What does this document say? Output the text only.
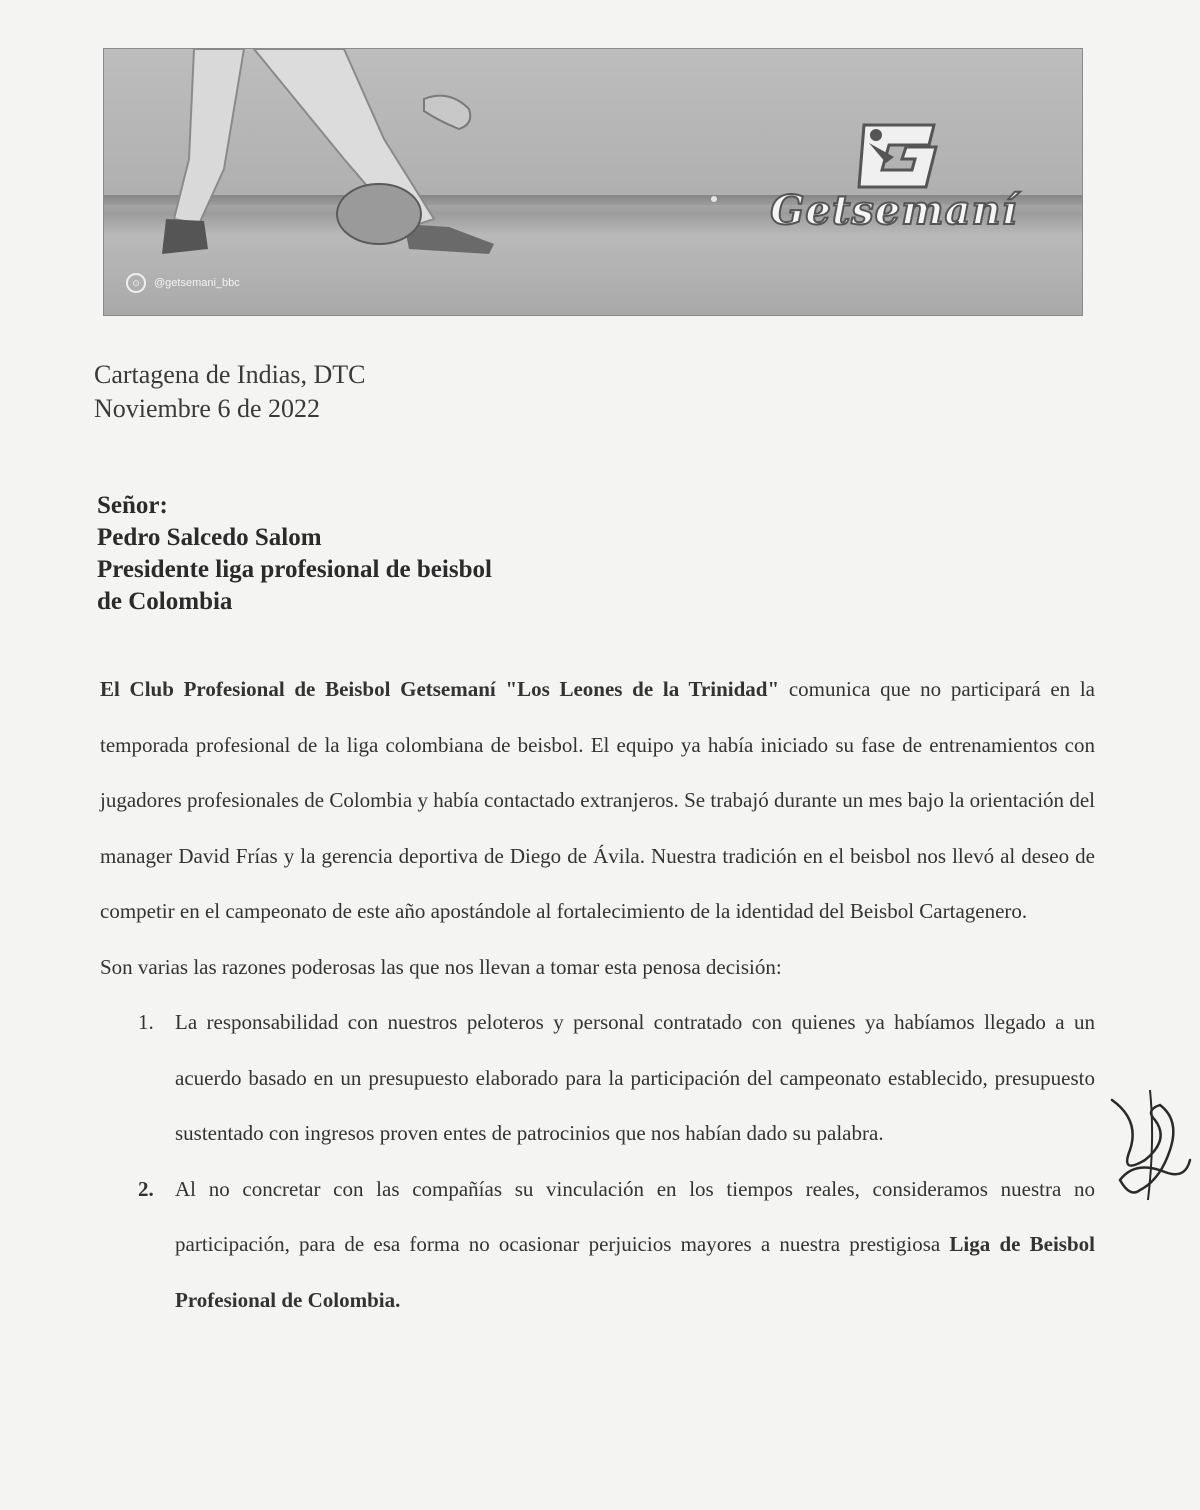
⊙	@getsemani_bbc
Getsemaní
Cartagena de Indias, DTC
Noviembre 6 de 2022
Señor:
Pedro Salcedo Salom
Presidente liga profesional de beisbol
de Colombia

El Club Profesional de Beisbol Getsemaní "Los Leones de la Trinidad" comunica que no participará en la temporada profesional de la liga colombiana de beisbol. El equipo ya había iniciado su fase de entrenamientos con jugadores profesionales de Colombia y había contactado extranjeros. Se trabajó durante un mes bajo la orientación del manager David Frías y la gerencia deportiva de Diego de Ávila. Nuestra tradición en el beisbol nos llevó al deseo de competir en el campeonato de este año apostándole al fortalecimiento de la identidad del Beisbol Cartagenero.

Son varias las razones poderosas las que nos llevan a tomar esta penosa decisión:

1. La responsabilidad con nuestros peloteros y personal contratado con quienes ya habíamos llegado a un acuerdo basado en un presupuesto elaborado para la participación del campeonato establecido, presupuesto sustentado con ingresos proven entes de patrocinios que nos habían dado su palabra.
2. Al no concretar con las compañías su vinculación en los tiempos reales, consideramos nuestra no participación, para de esa forma no ocasionar perjuicios mayores a nuestra prestigiosa Liga de Beisbol Profesional de Colombia.
